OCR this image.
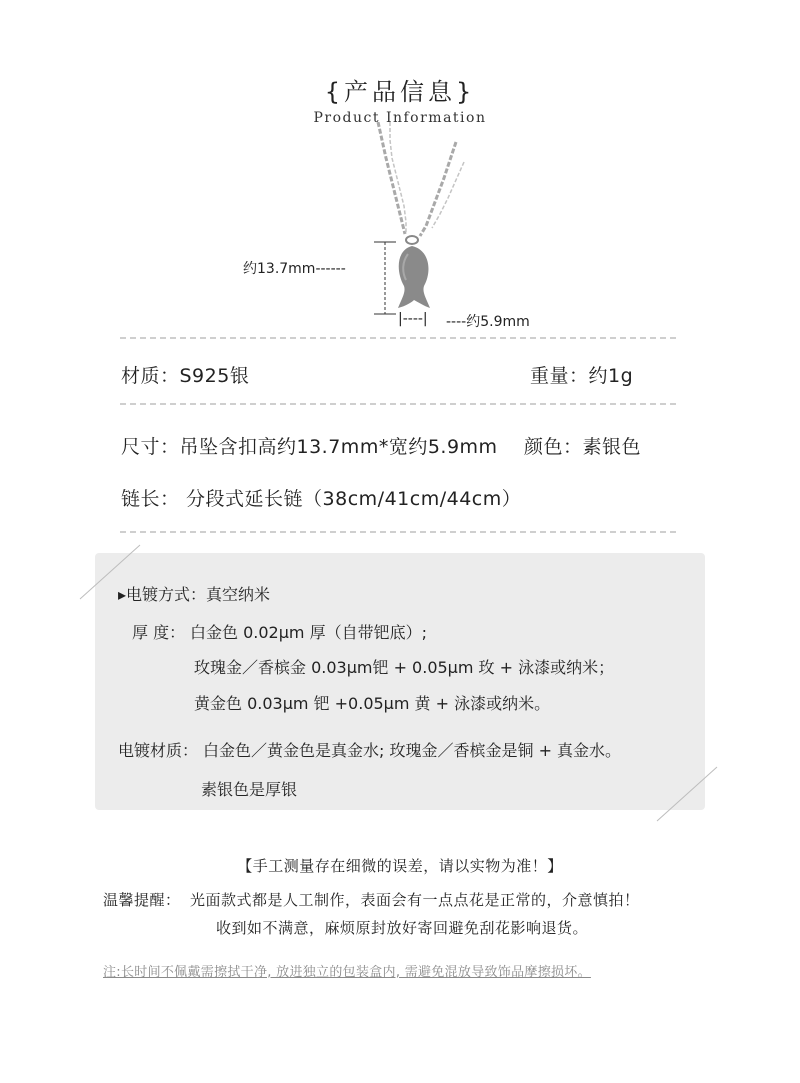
{产品信息}
Product Information
约13.7mm------
|----| ----约5.9mm
材质：S925银	重量：约1g
尺寸：吊坠含扣高约13.7mm*宽约5.9mm 颜色：素银色
链长： 分段式延长链（38cm/41cm/44cm）
▸电镀方式：真空纳米
厚 度： 白金色 0.02μm 厚（自带钯底）;
玫瑰金／香槟金 0.03μm钯 + 0.05μm 玫 + 泳漆或纳米；
黄金色 0.03μm 钯 +0.05μm 黄 + 泳漆或纳米。
电镀材质： 白金色／黄金色是真金水; 玫瑰金／香槟金是铜 + 真金水。
素银色是厚银
【手工测量存在细微的误差，请以实物为准！】
温馨提醒： 光面款式都是人工制作，表面会有一点点花是正常的，介意慎拍！
收到如不满意，麻烦原封放好寄回避免刮花影响退货。
注:长时间不佩戴需擦拭干净, 放进独立的包装盒内, 需避免混放导致饰品摩擦损坏。
